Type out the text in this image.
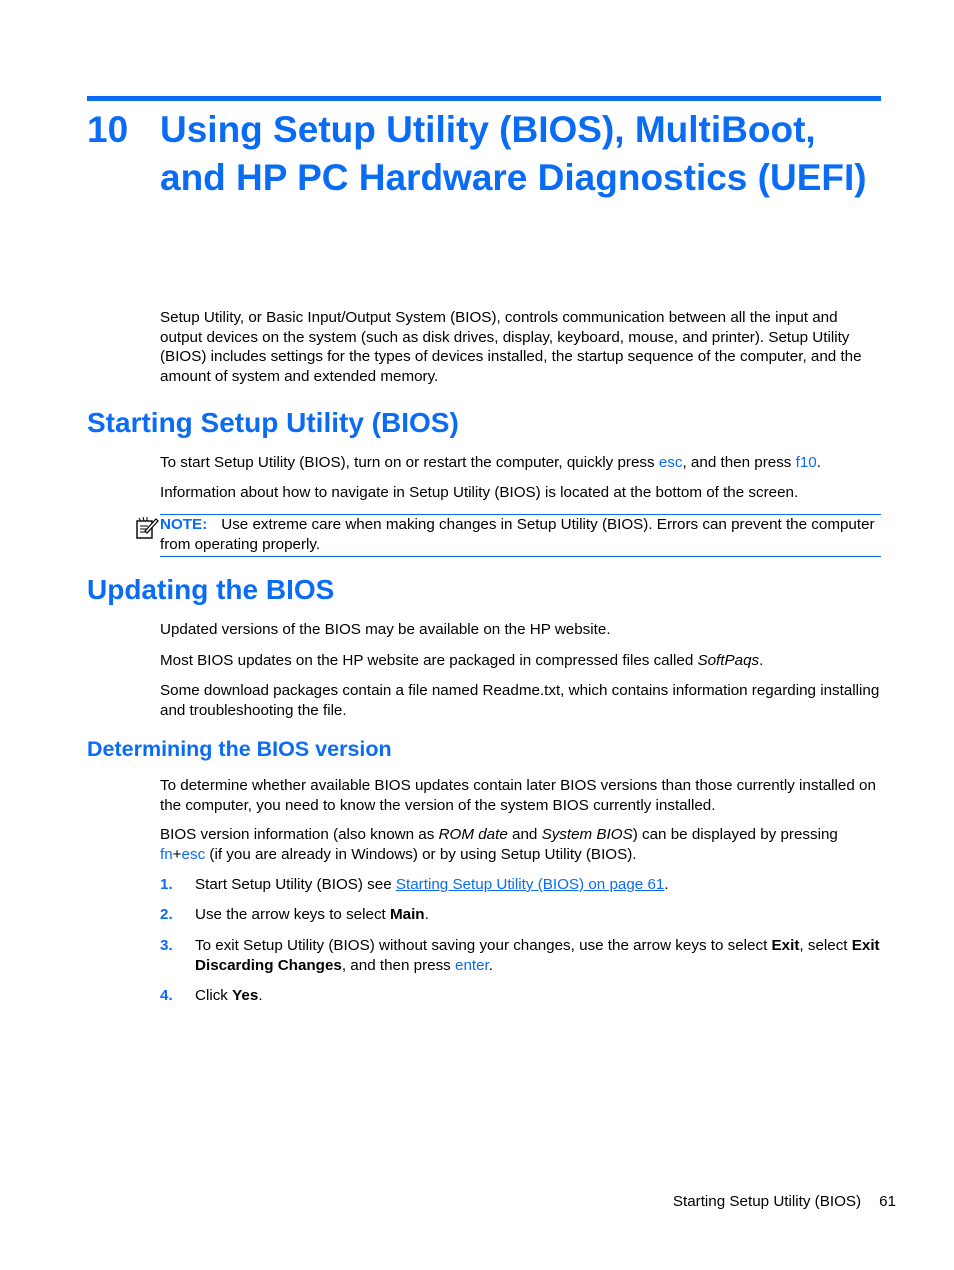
10 Using Setup Utility (BIOS), MultiBoot, and HP PC Hardware Diagnostics (UEFI)

Setup Utility, or Basic Input/Output System (BIOS), controls communication between all the input and output devices on the system (such as disk drives, display, keyboard, mouse, and printer). Setup Utility (BIOS) includes settings for the types of devices installed, the startup sequence of the computer, and the amount of system and extended memory.

Starting Setup Utility (BIOS)

To start Setup Utility (BIOS), turn on or restart the computer, quickly press esc, and then press f10.

Information about how to navigate in Setup Utility (BIOS) is located at the bottom of the screen.

NOTE: Use extreme care when making changes in Setup Utility (BIOS). Errors can prevent the computer from operating properly.

Updating the BIOS

Updated versions of the BIOS may be available on the HP website.

Most BIOS updates on the HP website are packaged in compressed files called SoftPaqs.

Some download packages contain a file named Readme.txt, which contains information regarding installing and troubleshooting the file.

Determining the BIOS version

To determine whether available BIOS updates contain later BIOS versions than those currently installed on the computer, you need to know the version of the system BIOS currently installed.

BIOS version information (also known as ROM date and System BIOS) can be displayed by pressing fn+esc (if you are already in Windows) or by using Setup Utility (BIOS).

1. Start Setup Utility (BIOS) see Starting Setup Utility (BIOS) on page 61.

2. Use the arrow keys to select Main.

3. To exit Setup Utility (BIOS) without saving your changes, use the arrow keys to select Exit, select Exit Discarding Changes, and then press enter.

4. Click Yes.

Starting Setup Utility (BIOS) 61
